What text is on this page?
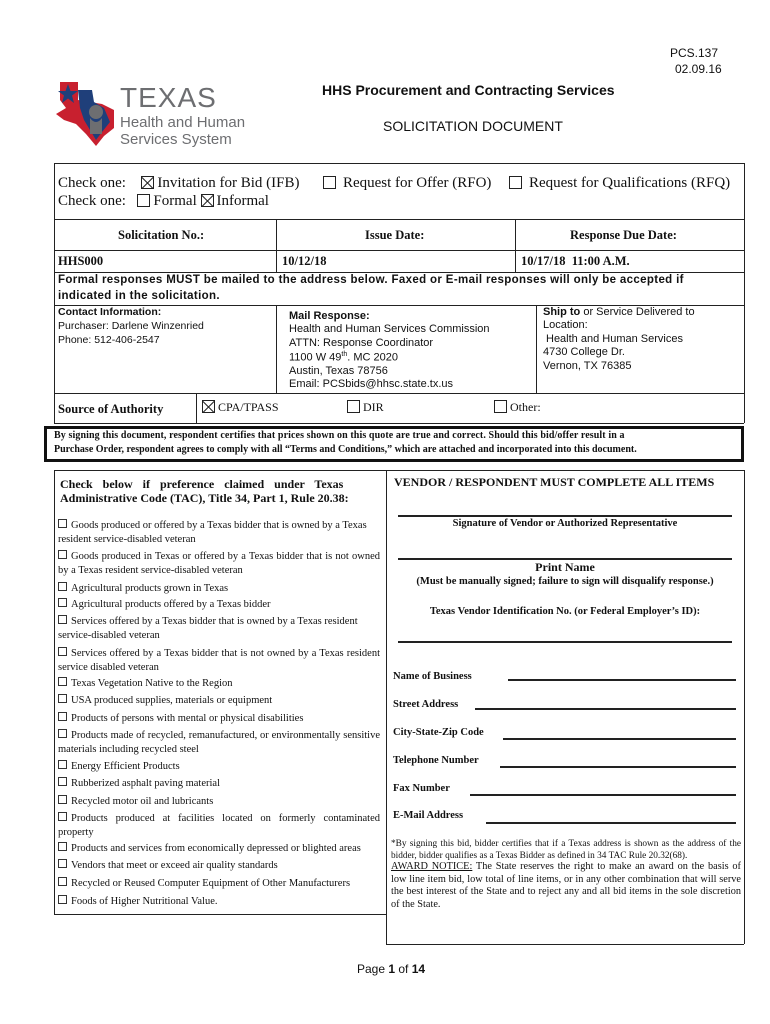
PCS.137
02.09.16
TEXAS
Health and Human
Services System
HHS Procurement and Contracting Services
SOLICITATION DOCUMENT
Check one: Invitation for Bid (IFB)	Request for Offer (RFO)	Request for Qualifications (RFQ)
Check one: Formal Informal
Solicitation No.:	Issue Date:	Response Due Date:
HHS000	10/12/18	10/17/18  11:00 A.M.
Formal responses MUST be mailed to the address below. Faxed or E-mail responses will only be accepted if
indicated in the solicitation.
Contact Information:
Purchaser: Darlene Winzenried
Phone: 512-406-2547
Mail Response:
Health and Human Services Commission
ATTN: Response Coordinator
1100 W 49th. MC 2020
Austin, Texas 78756
Email: PCSbids@hhsc.state.tx.us
Ship to or Service Delivered to
Location:
Health and Human Services
4730 College Dr.
Vernon, TX 76385
Source of Authority	CPA/TPASS	DIR	Other:
By signing this document, respondent certifies that prices shown on this quote are true and correct. Should this bid/offer result in a
Purchase Order, respondent agrees to comply with all “Terms and Conditions,” which are attached and incorporated into this document.
Check below if preference claimed under Texas
Administrative Code (TAC), Title 34, Part 1, Rule 20.38:
Goods produced or offered by a Texas bidder that is owned by a Texas resident service-disabled veteran
Goods produced in Texas or offered by a Texas bidder that is not owned by a Texas resident service-disabled veteran
Agricultural products grown in Texas
Agricultural products offered by a Texas bidder
Services offered by a Texas bidder that is owned by a Texas resident service-disabled veteran
Services offered by a Texas bidder that is not owned by a Texas resident service disabled veteran
Texas Vegetation Native to the Region
USA produced supplies, materials or equipment
Products of persons with mental or physical disabilities
Products made of recycled, remanufactured, or environmentally sensitive materials including recycled steel
Energy Efficient Products
Rubberized asphalt paving material
Recycled motor oil and lubricants
Products produced at facilities located on formerly contaminated property
Products and services from economically depressed or blighted areas
Vendors that meet or exceed air quality standards
Recycled or Reused Computer Equipment of Other Manufacturers
Foods of Higher Nutritional Value.
VENDOR / RESPONDENT MUST COMPLETE ALL ITEMS
Signature of Vendor or Authorized Representative
Print Name
(Must be manually signed; failure to sign will disqualify response.)
Texas Vendor Identification No. (or Federal Employer’s ID):
Name of Business
Street Address
City-State-Zip Code
Telephone Number
Fax Number
E-Mail Address
*By signing this bid, bidder certifies that if a Texas address is shown as the address of the bidder, bidder qualifies as a Texas Bidder as defined in 34 TAC Rule 20.32(68).
AWARD NOTICE: The State reserves the right to make an award on the basis of low line item bid, low total of line items, or in any other combination that will serve the best interest of the State and to reject any and all bid items in the sole discretion of the State.
Page 1 of 14
